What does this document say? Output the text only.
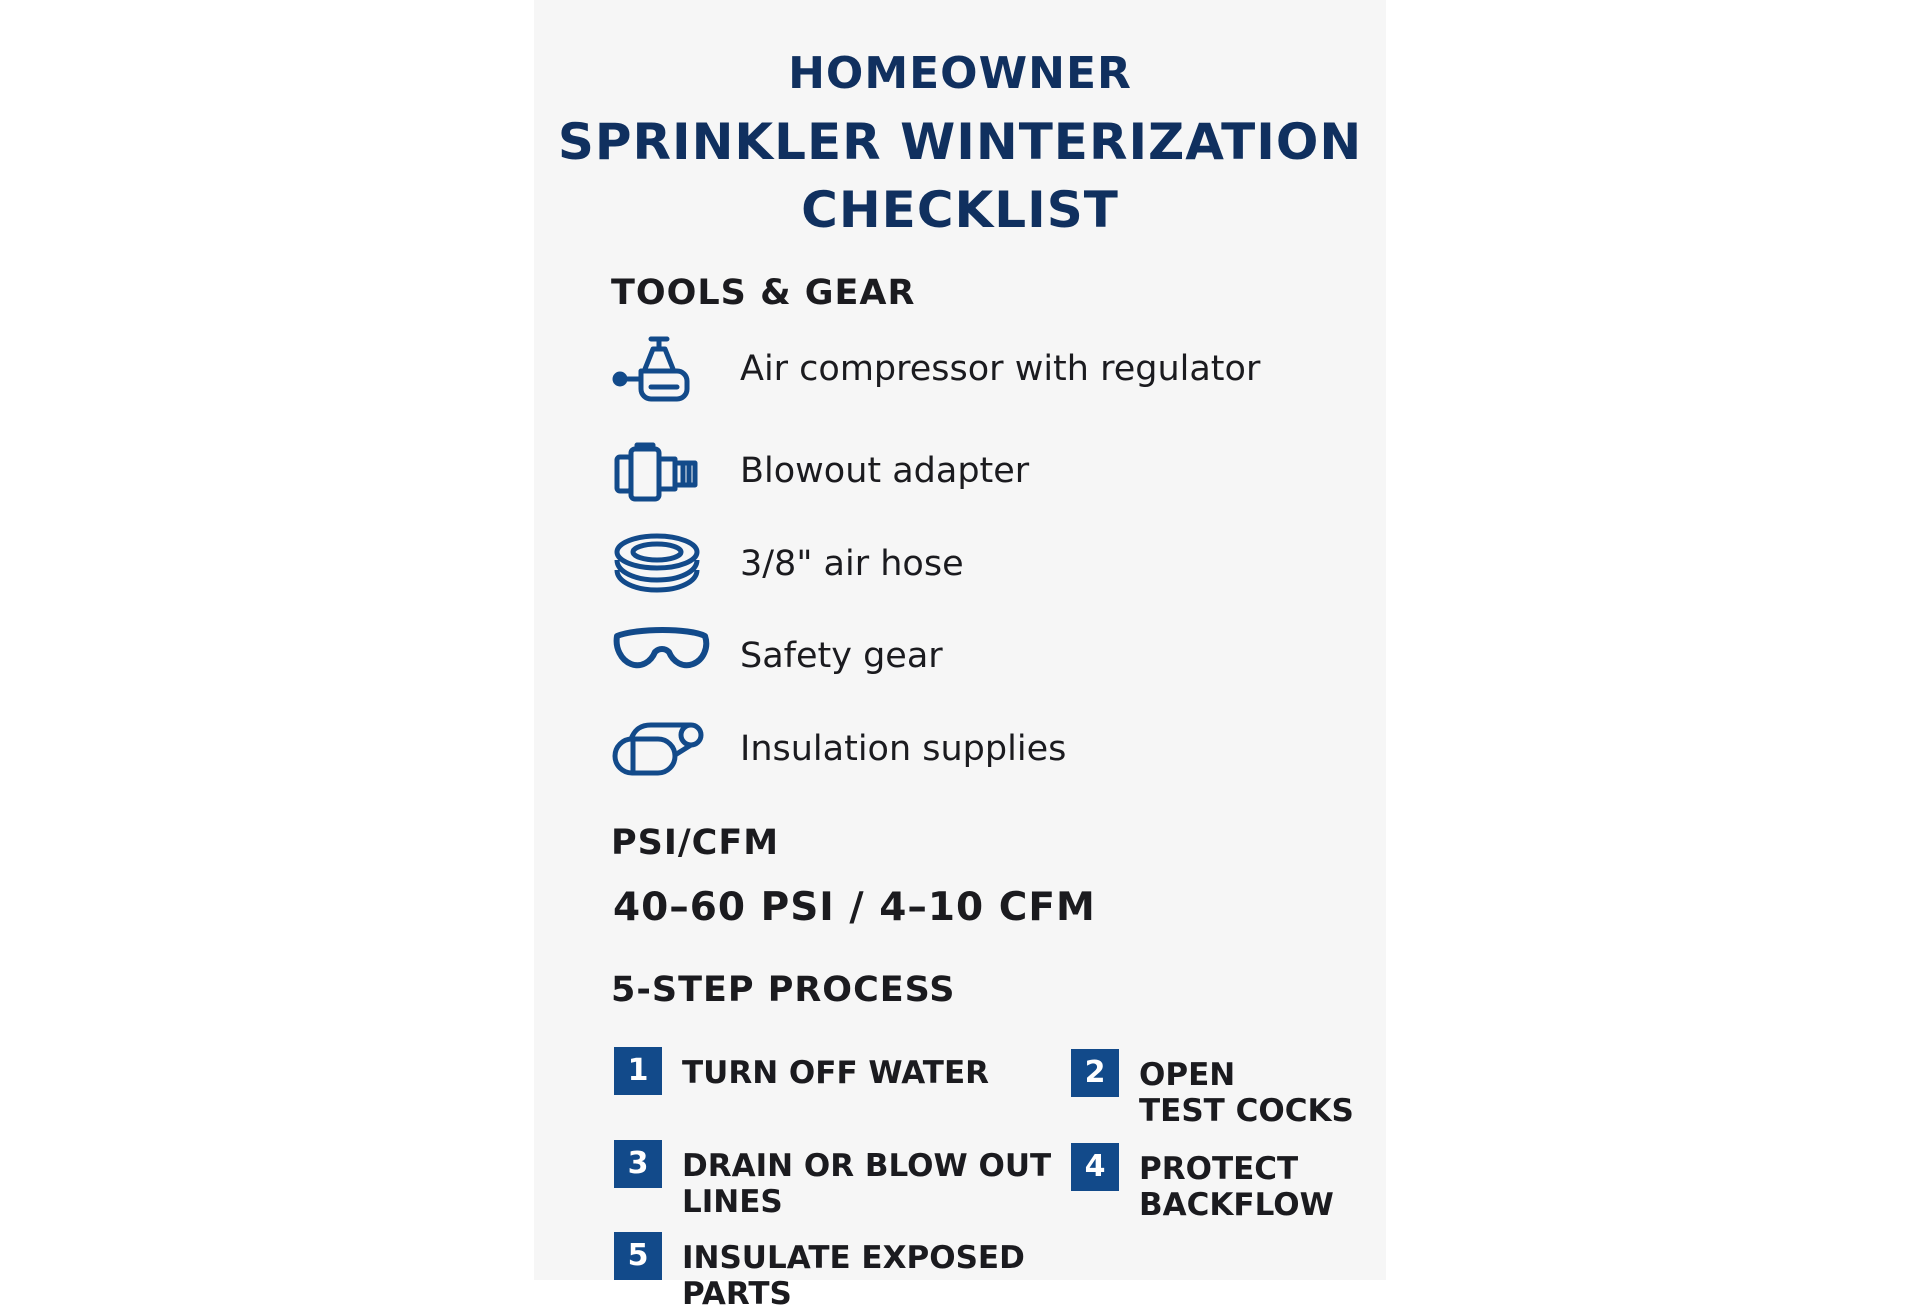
HOMEOWNER
SPRINKLER WINTERIZATION
CHECKLIST
TOOLS & GEAR
Air compressor with regulator
Blowout adapter
3/8" air hose
Safety gear
Insulation supplies
PSI/CFM
40–60 PSI / 4–10 CFM
5-STEP PROCESS
1	TURN OFF WATER	2	OPEN
TEST COCKS
3	DRAIN OR BLOW OUT
LINES
4	PROTECT
BACKFLOW
5	INSULATE EXPOSED PARTS
